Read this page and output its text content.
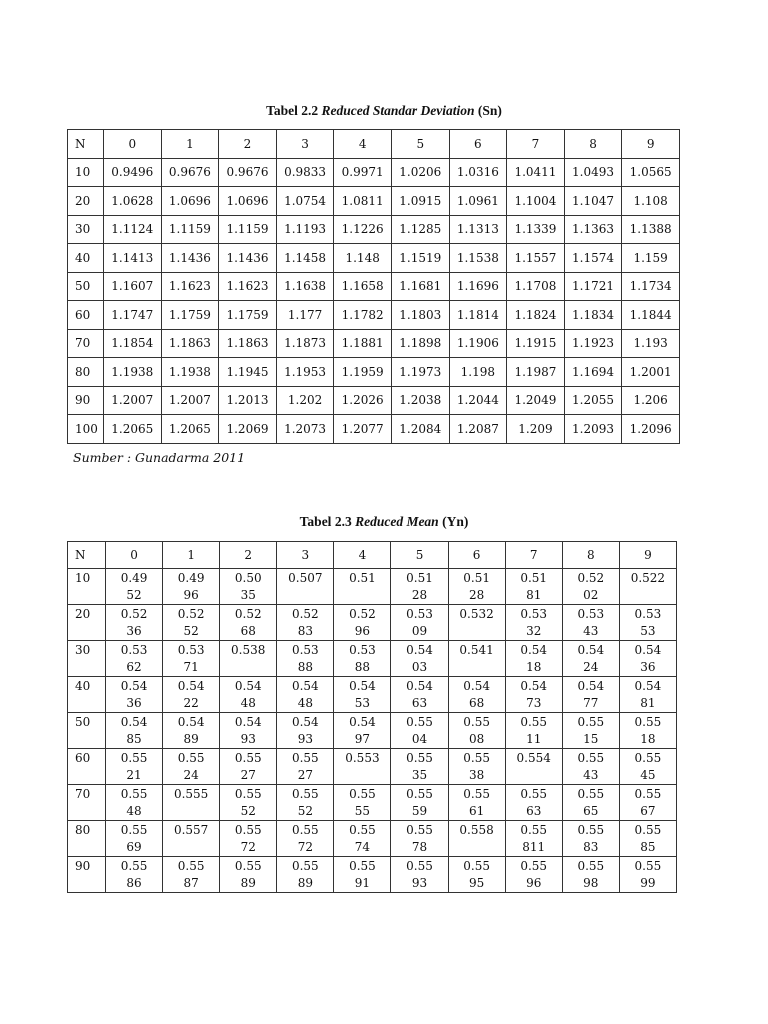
Tabel 2.2 Reduced Standar Deviation (Sn)
N	0	1	2	3	4	5	6	7	8	9
10	0.9496	0.9676	0.9676	0.9833	0.9971	1.0206	1.0316	1.0411	1.0493	1.0565
20	1.0628	1.0696	1.0696	1.0754	1.0811	1.0915	1.0961	1.1004	1.1047	1.108
30	1.1124	1.1159	1.1159	1.1193	1.1226	1.1285	1.1313	1.1339	1.1363	1.1388
40	1.1413	1.1436	1.1436	1.1458	1.148	1.1519	1.1538	1.1557	1.1574	1.159
50	1.1607	1.1623	1.1623	1.1638	1.1658	1.1681	1.1696	1.1708	1.1721	1.1734
60	1.1747	1.1759	1.1759	1.177	1.1782	1.1803	1.1814	1.1824	1.1834	1.1844
70	1.1854	1.1863	1.1863	1.1873	1.1881	1.1898	1.1906	1.1915	1.1923	1.193
80	1.1938	1.1938	1.1945	1.1953	1.1959	1.1973	1.198	1.1987	1.1694	1.2001
90	1.2007	1.2007	1.2013	1.202	1.2026	1.2038	1.2044	1.2049	1.2055	1.206
100	1.2065	1.2065	1.2069	1.2073	1.2077	1.2084	1.2087	1.209	1.2093	1.2096
Sumber : Gunadarma 2011
Tabel 2.3 Reduced Mean (Yn)
N	0	1	2	3	4	5	6	7	8	9
10	0.4952	0.4996	0.5035	0.507	0.51	0.5128	0.5128	0.5181	0.5202	0.522
20	0.5236	0.5252	0.5268	0.5283	0.5296	0.5309	0.532	0.5332	0.5343	0.5353
30	0.5362	0.5371	0.538	0.5388	0.5388	0.5403	0.541	0.5418	0.5424	0.5436
40	0.5436	0.5422	0.5448	0.5448	0.5453	0.5463	0.5468	0.5473	0.5477	0.5481
50	0.5485	0.5489	0.5493	0.5493	0.5497	0.5504	0.5508	0.5511	0.5515	0.5518
60	0.5521	0.5524	0.5527	0.5527	0.553	0.5535	0.5538	0.554	0.5543	0.5545
70	0.5548	0.555	0.5552	0.5552	0.5555	0.5559	0.5561	0.5563	0.5565	0.5567
80	0.5569	0.557	0.5572	0.5572	0.5574	0.5578	0.558	0.55811	0.5583	0.5585
90	0.5586	0.5587	0.5589	0.5589	0.5591	0.5593	0.5595	0.5596	0.5598	0.5599
